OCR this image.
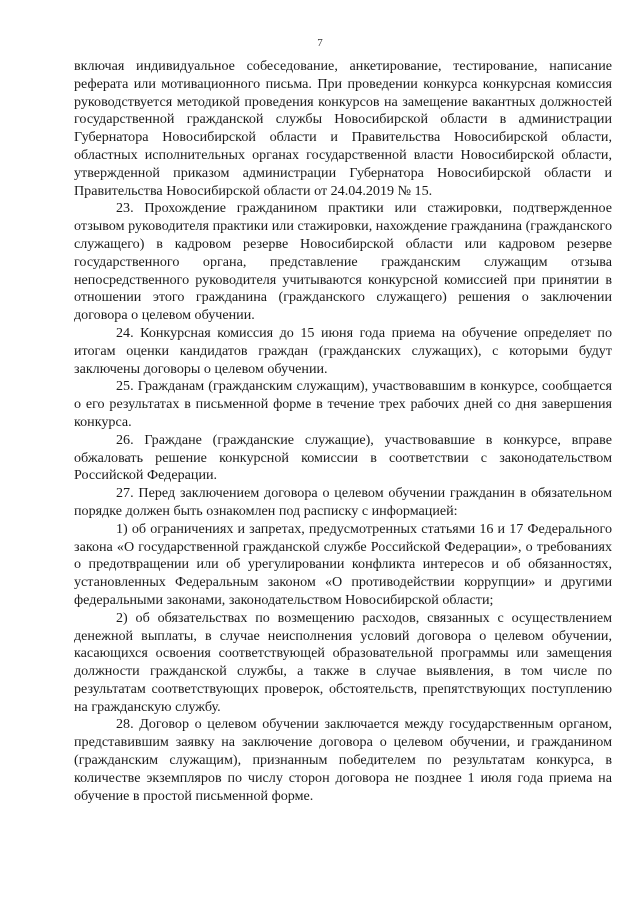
7

включая индивидуальное собеседование, анкетирование, тестирование, написание реферата или мотивационного письма. При проведении конкурса конкурсная комиссия руководствуется методикой проведения конкурсов на замещение вакантных должностей государственной гражданской службы Новосибирской области в администрации Губернатора Новосибирской области и Правительства Новосибирской области, областных исполнительных органах государственной власти Новосибирской области, утвержденной приказом администрации Губернатора Новосибирской области и Правительства Новосибирской области от 24.04.2019 № 15.

23. Прохождение гражданином практики или стажировки, подтвержденное отзывом руководителя практики или стажировки, нахождение гражданина (гражданского служащего) в кадровом резерве Новосибирской области или кадровом резерве государственного органа, представление гражданским служащим отзыва непосредственного руководителя учитываются конкурсной комиссией при принятии в отношении этого гражданина (гражданского служащего) решения о заключении договора о целевом обучении.

24. Конкурсная комиссия до 15 июня года приема на обучение определяет по итогам оценки кандидатов граждан (гражданских служащих), с которыми будут заключены договоры о целевом обучении.

25. Гражданам (гражданским служащим), участвовавшим в конкурсе, сообщается о его результатах в письменной форме в течение трех рабочих дней со дня завершения конкурса.

26. Граждане (гражданские служащие), участвовавшие в конкурсе, вправе обжаловать решение конкурсной комиссии в соответствии с законодательством Российской Федерации.

27. Перед заключением договора о целевом обучении гражданин в обязательном порядке должен быть ознакомлен под расписку с информацией:

1) об ограничениях и запретах, предусмотренных статьями 16 и 17 Федерального закона «О государственной гражданской службе Российской Федерации», о требованиях о предотвращении или об урегулировании конфликта интересов и об обязанностях, установленных Федеральным законом «О противодействии коррупции» и другими федеральными законами, законодательством Новосибирской области;

2) об обязательствах по возмещению расходов, связанных с осуществлением денежной выплаты, в случае неисполнения условий договора о целевом обучении, касающихся освоения соответствующей образовательной программы или замещения должности гражданской службы, а также в случае выявления, в том числе по результатам соответствующих проверок, обстоятельств, препятствующих поступлению на гражданскую службу.

28. Договор о целевом обучении заключается между государственным органом, представившим заявку на заключение договора о целевом обучении, и гражданином (гражданским служащим), признанным победителем по результатам конкурса, в количестве экземпляров по числу сторон договора не позднее 1 июля года приема на обучение в простой письменной форме.
